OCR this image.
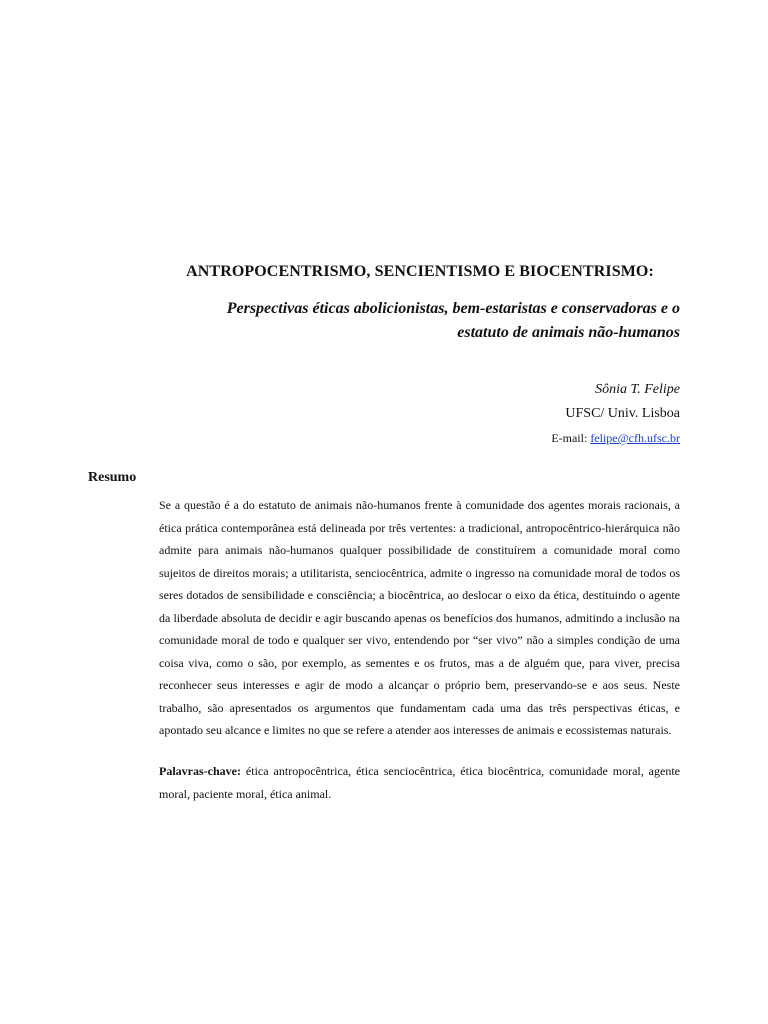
ANTROPOCENTRISMO, SENCIENTISMO E BIOCENTRISMO:
Perspectivas éticas abolicionistas, bem-estaristas e conservadoras e o
estatuto de animais não-humanos
Sônia T. Felipe
UFSC/ Univ. Lisboa
E-mail: felipe@cfh.ufsc.br
Resumo
Se a questão é a do estatuto de animais não-humanos frente à comunidade dos agentes morais racionais, a ética prática contemporânea está delineada por três vertentes: a tradicional, antropocêntrico-hierárquica não admite para animais não-humanos qualquer possibilidade de constituírem a comunidade moral como sujeitos de direitos morais; a utilitarista, senciocêntrica, admite o ingresso na comunidade moral de todos os seres dotados de sensibilidade e consciência; a biocêntrica, ao deslocar o eixo da ética, destituindo o agente da liberdade absoluta de decidir e agir buscando apenas os benefícios dos humanos, admitindo a inclusão na comunidade moral de todo e qualquer ser vivo, entendendo por “ser vivo” não a simples condição de uma coisa viva, como o são, por exemplo, as sementes e os frutos, mas a de alguém que, para viver, precisa reconhecer seus interesses e agir de modo a alcançar o próprio bem, preservando-se e aos seus. Neste trabalho, são apresentados os argumentos que fundamentam cada uma das três perspectivas éticas, e apontado seu alcance e limites no que se refere a atender aos interesses de animais e ecossistemas naturais.
Palavras-chave: ética antropocêntrica, ética senciocêntrica, ética biocêntrica, comunidade moral, agente moral, paciente moral, ética animal.
